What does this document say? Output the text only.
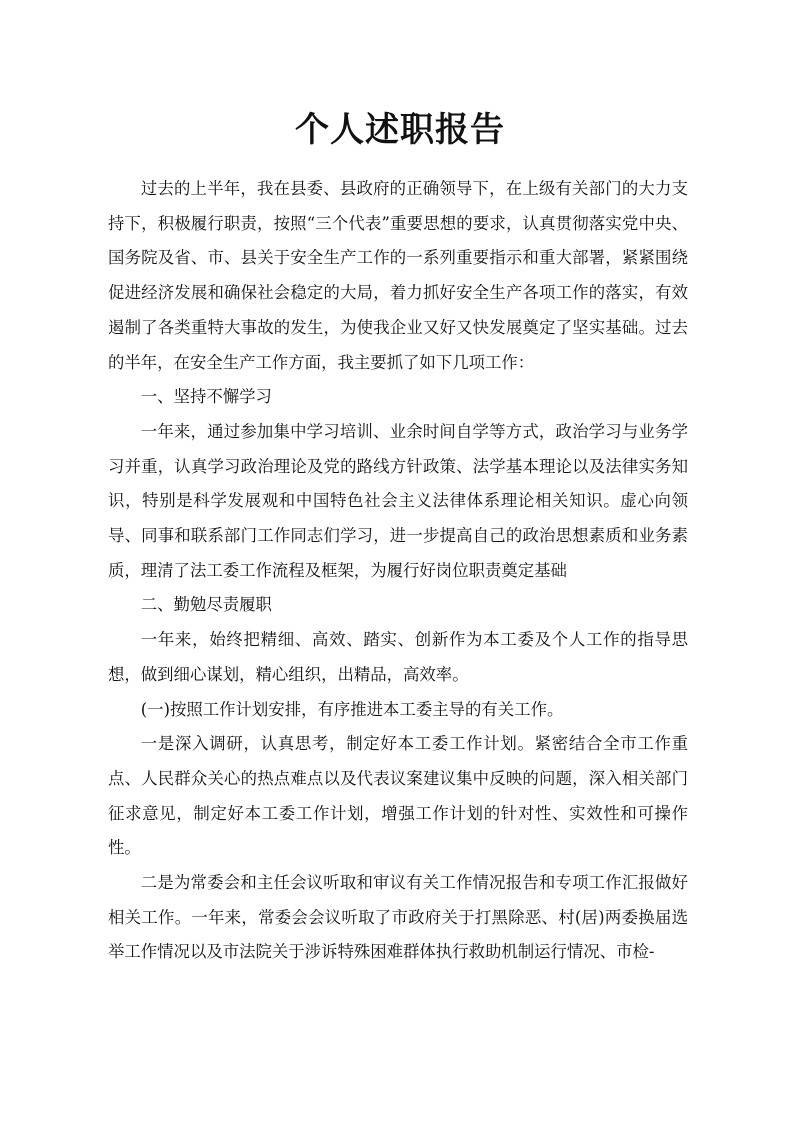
个人述职报告

过去的上半年，我在县委、县政府的正确领导下，在上级有关部门的大力支持下，积极履行职责，按照“三个代表”重要思想的要求，认真贯彻落实党中央、国务院及省、市、县关于安全生产工作的一系列重要指示和重大部署，紧紧围绕促进经济发展和确保社会稳定的大局，着力抓好安全生产各项工作的落实，有效遏制了各类重特大事故的发生，为使我企业又好又快发展奠定了坚实基础。过去的半年，在安全生产工作方面，我主要抓了如下几项工作：

一、坚持不懈学习

一年来，通过参加集中学习培训、业余时间自学等方式，政治学习与业务学习并重，认真学习政治理论及党的路线方针政策、法学基本理论以及法律实务知识，特别是科学发展观和中国特色社会主义法律体系理论相关知识。虚心向领导、同事和联系部门工作同志们学习，进一步提高自己的政治思想素质和业务素质，理清了法工委工作流程及框架，为履行好岗位职责奠定基础

二、勤勉尽责履职

一年来，始终把精细、高效、踏实、创新作为本工委及个人工作的指导思想，做到细心谋划，精心组织，出精品，高效率。

(一)按照工作计划安排，有序推进本工委主导的有关工作。

一是深入调研，认真思考，制定好本工委工作计划。紧密结合全市工作重点、人民群众关心的热点难点以及代表议案建议集中反映的问题，深入相关部门征求意见，制定好本工委工作计划，增强工作计划的针对性、实效性和可操作性。

二是为常委会和主任会议听取和审议有关工作情况报告和专项工作汇报做好相关工作。一年来，常委会会议听取了市政府关于打黑除恶、村(居)两委换届选举工作情况以及市法院关于涉诉特殊困难群体执行救助机制运行情况、市检-
